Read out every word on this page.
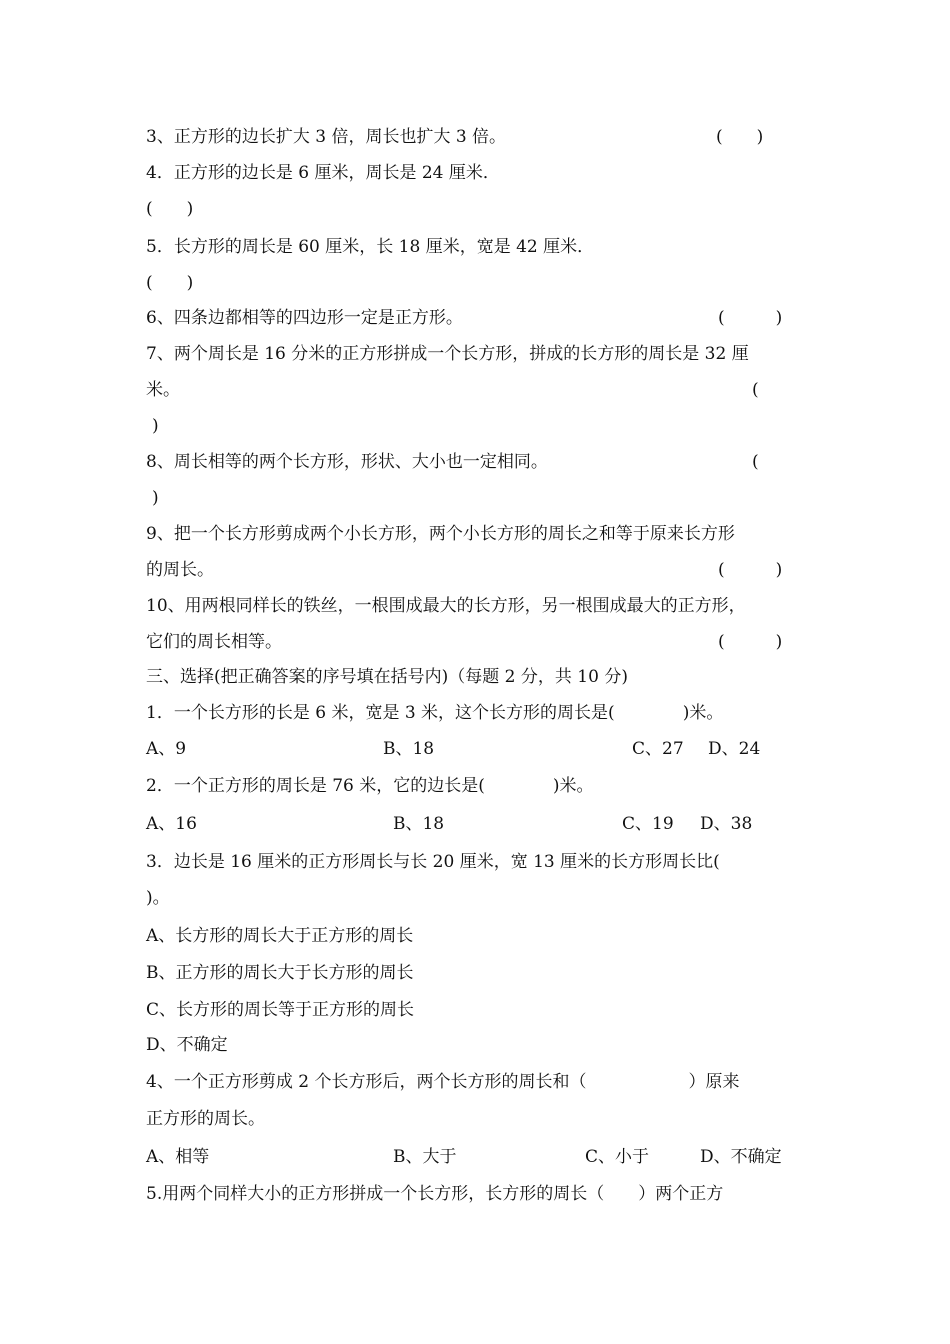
3、正方形的边长扩大 3 倍，周长也扩大 3 倍。	(　　)
4．正方形的边长是 6 厘米，周长是 24 厘米．
(　　)
5．长方形的周长是 60 厘米，长 18 厘米，宽是 42 厘米．
(　　)
6、四条边都相等的四边形一定是正方形。	(　　　)
7、两个周长是 16 分米的正方形拼成一个长方形，拼成的长方形的周长是 32 厘
米。	(
)
8、周长相等的两个长方形，形状、大小也一定相同。	(
)
9、把一个长方形剪成两个小长方形，两个小长方形的周长之和等于原来长方形
的周长。	(　　　)
10、用两根同样长的铁丝，一根围成最大的长方形，另一根围成最大的正方形，
它们的周长相等。	(　　　)
三、选择(把正确答案的序号填在括号内)（每题 2 分，共 10 分)
1．一个长方形的长是 6 米，宽是 3 米，这个长方形的周长是(　　　　)米。
A、9	B、18	C、27 D、24
2．一个正方形的周长是 76 米，它的边长是(　　　　)米。
A、16	B、18	C、19 D、38
3．边长是 16 厘米的正方形周长与长 20 厘米，宽 13 厘米的长方形周长比(
)。
A、长方形的周长大于正方形的周长
B、正方形的周长大于长方形的周长
C、长方形的周长等于正方形的周长
D、不确定
4、一个正方形剪成 2 个长方形后，两个长方形的周长和（　　　　　　）原来
正方形的周长。
A、相等	B、大于	C、小于	D、不确定
5.用两个同样大小的正方形拼成一个长方形，长方形的周长（　　）两个正方
